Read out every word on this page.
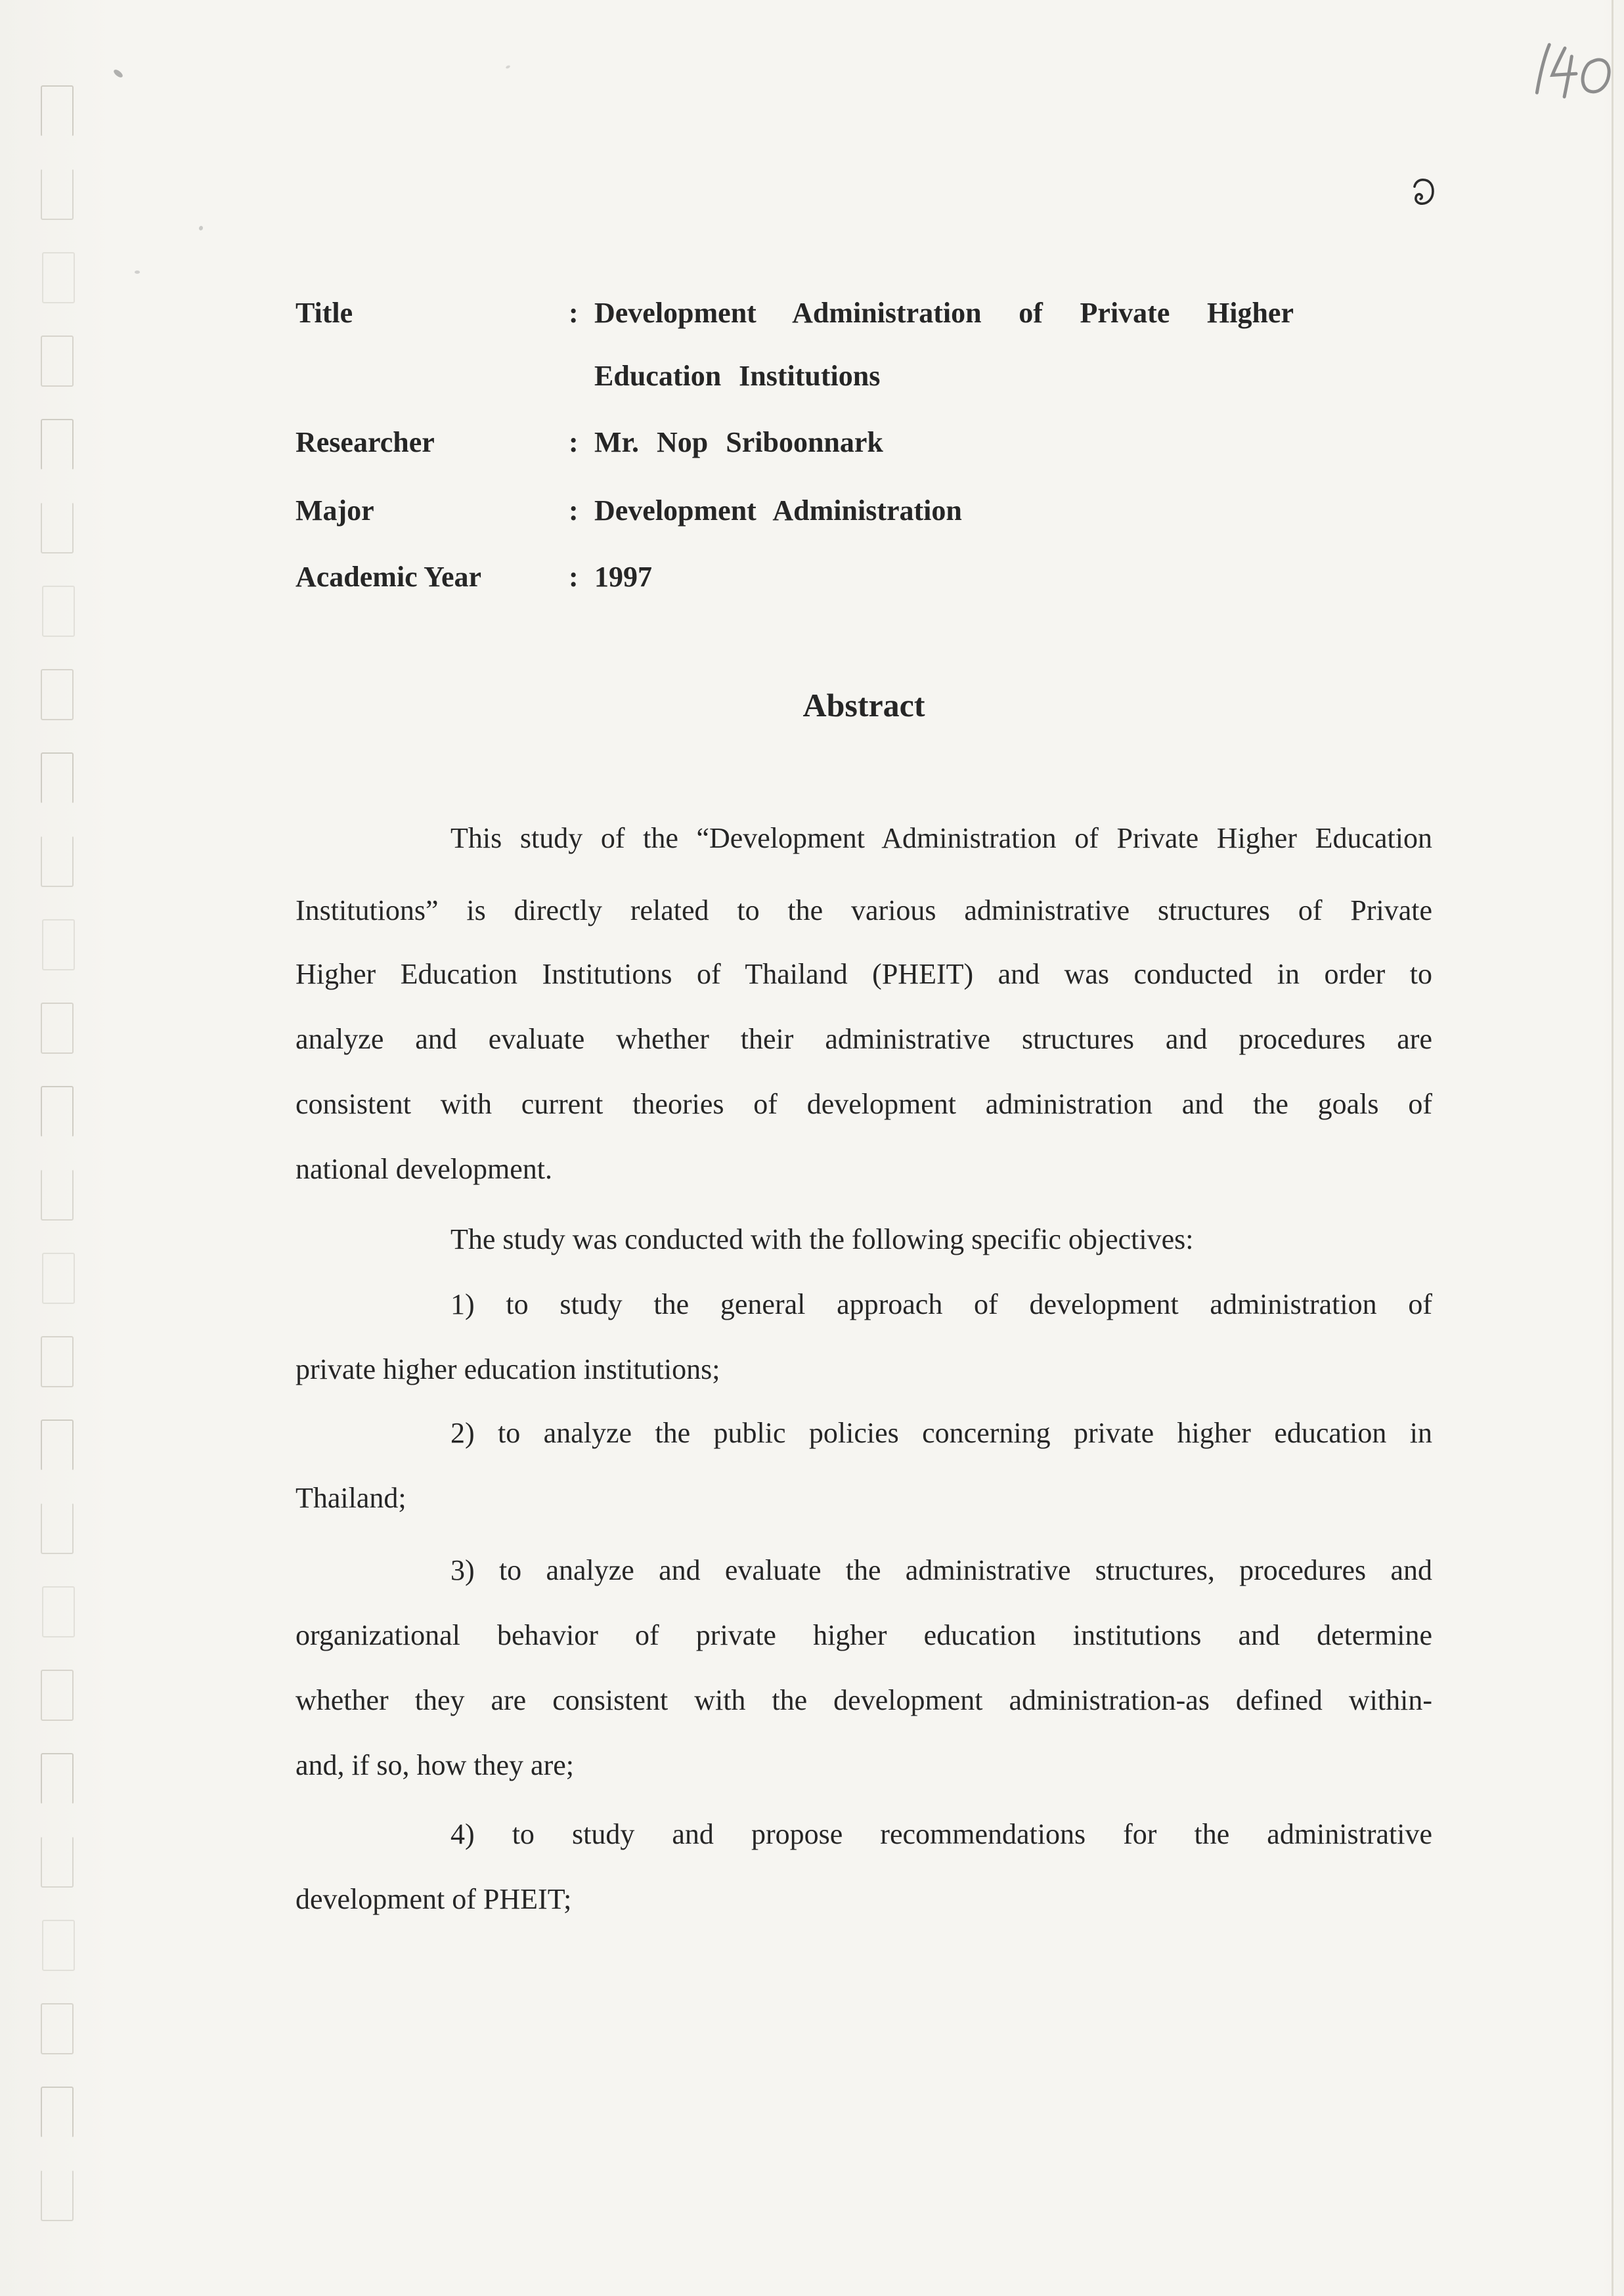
Title	: Development Administration of Private Higher
Education Institutions
Researcher	: Mr. Nop Sriboonnark
Major	: Development Administration
Academic Year	: 1997
Abstract
This study of the “Development Administration of Private Higher Education
Institutions” is directly related to the various administrative structures of Private
Higher Education Institutions of Thailand (PHEIT) and was conducted in order to
analyze and evaluate whether their administrative structures and procedures are
consistent with current theories of development administration and the goals of
national development.
The study was conducted with the following specific objectives:
1) to study the general approach of development administration of
private higher education institutions;
2) to analyze the public policies concerning private higher education in
Thailand;
3) to analyze and evaluate the administrative structures, procedures and
organizational behavior of private higher education institutions and determine
whether they are consistent with the development administration-as defined within-
and, if so, how they are;
4) to study and propose recommendations for the administrative
development of PHEIT;
